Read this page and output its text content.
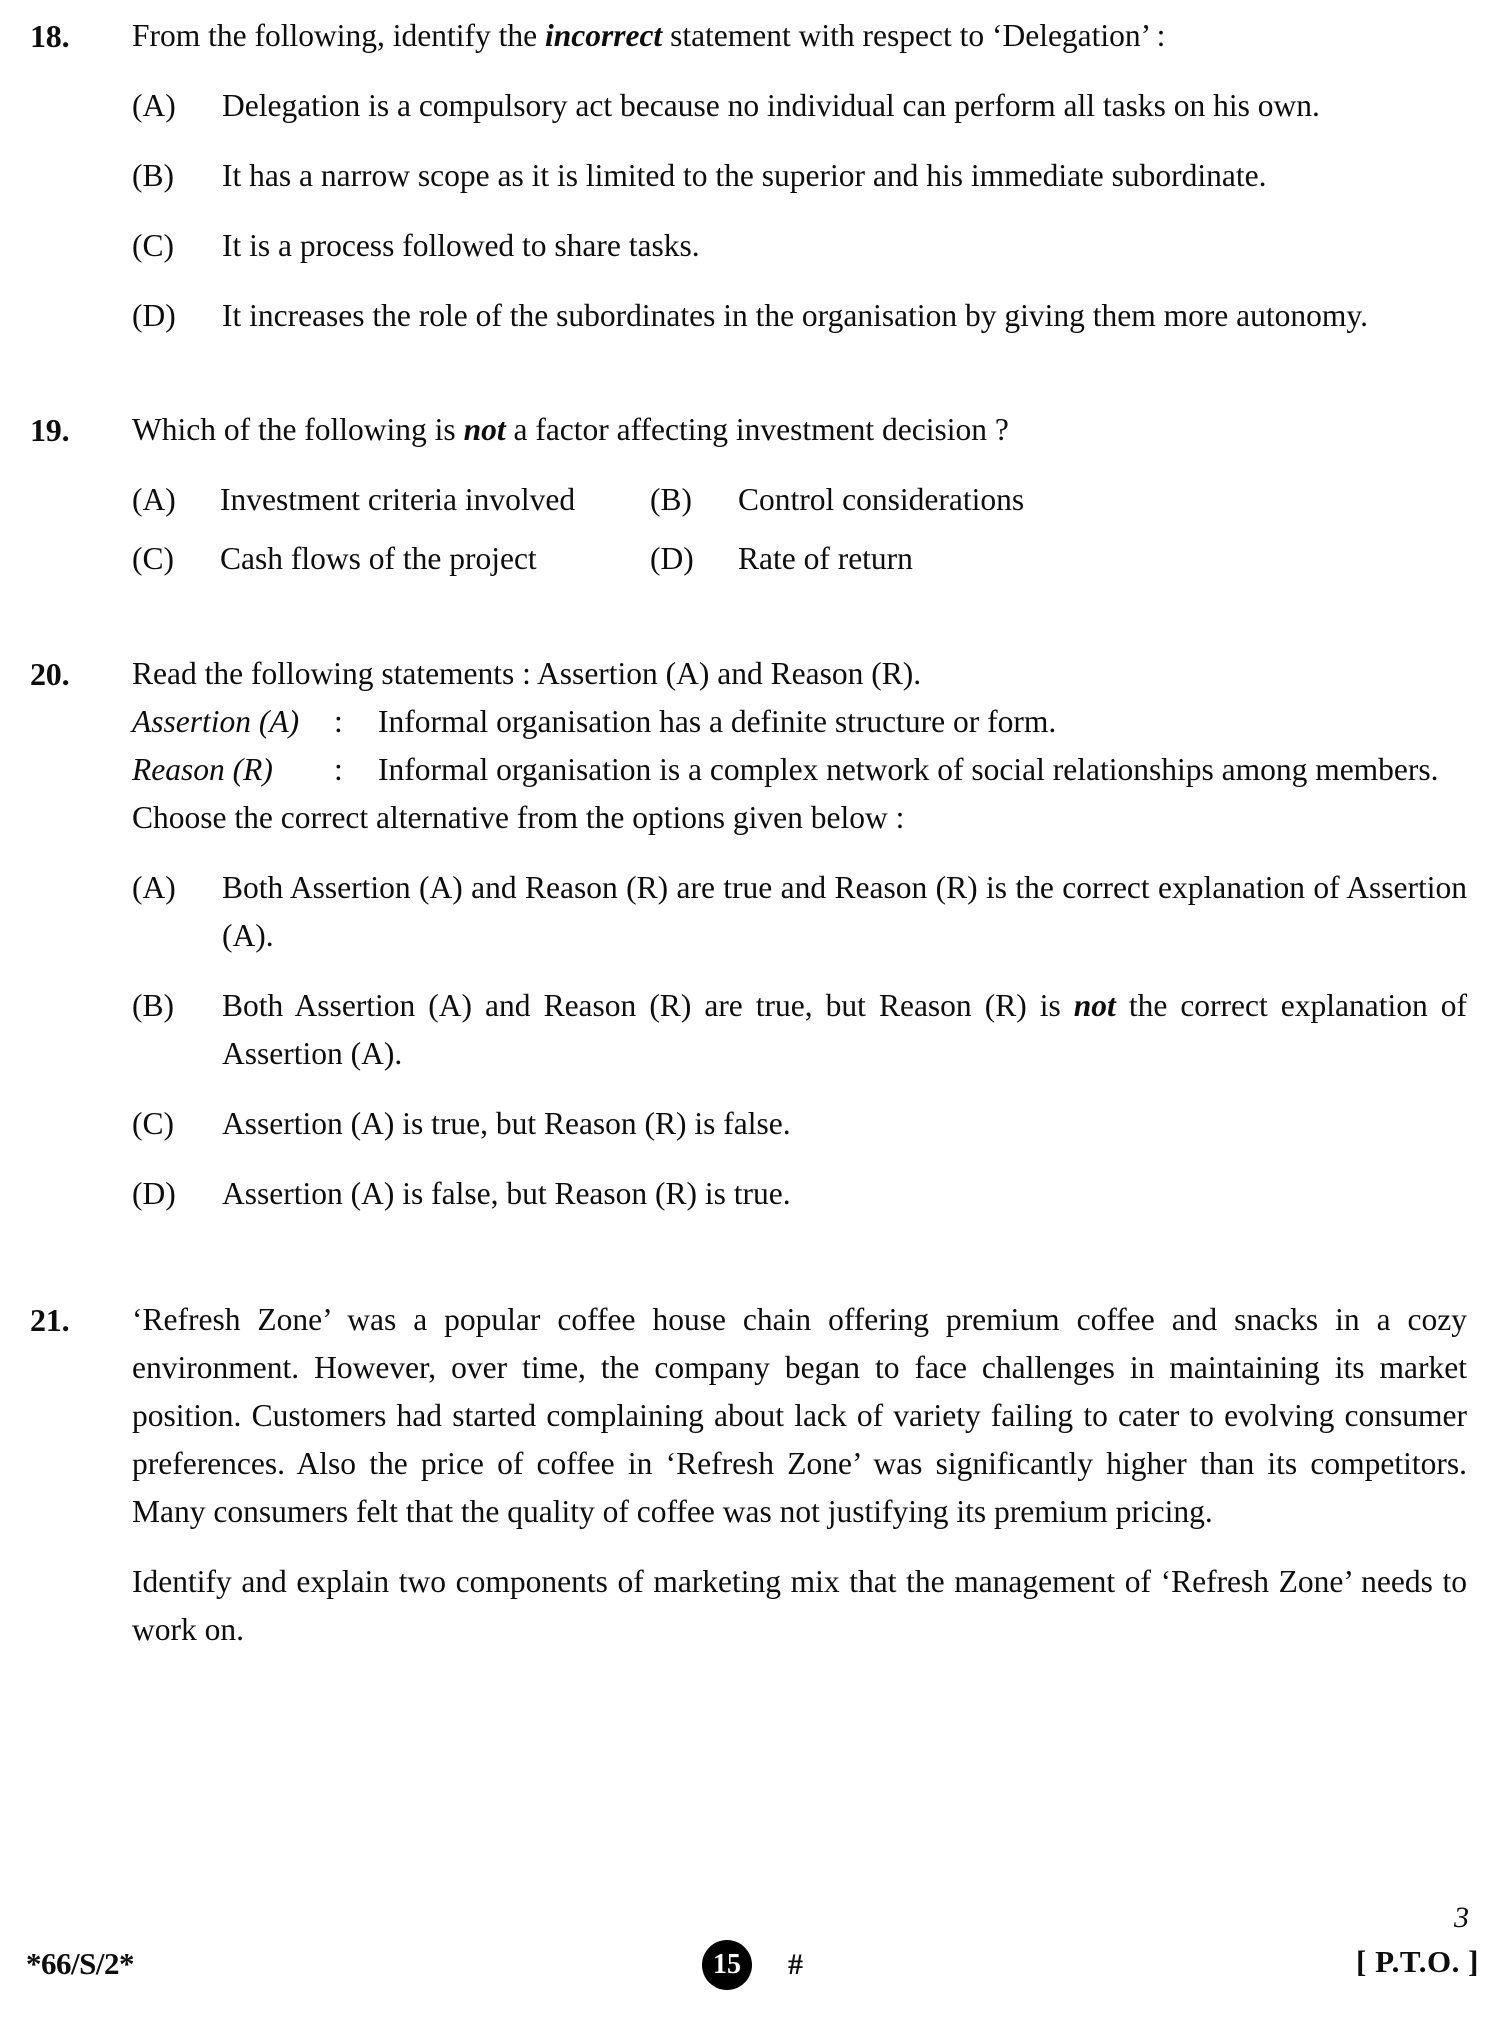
18.	From the following, identify the incorrect statement with respect to ‘Delegation’ :
(A)	Delegation is a compulsory act because no individual can perform all tasks on his own.
(B)	It has a narrow scope as it is limited to the superior and his immediate subordinate.
(C)	It is a process followed to share tasks.
(D)	It increases the role of the subordinates in the organisation by giving them more autonomy.
19.	Which of the following is not a factor affecting investment decision ?
(A) Investment criteria involved (B) Control considerations
(C) Cash flows of the project	(D) Rate of return
20.	Read the following statements : Assertion (A) and Reason (R).
Assertion (A)	: Informal organisation has a definite structure or form.
Reason (R)	: Informal organisation is a complex network of social relationships among members.
Choose the correct alternative from the options given below :
(A)	Both Assertion (A) and Reason (R) are true and Reason (R) is the correct explanation of Assertion (A).
(B)	Both Assertion (A) and Reason (R) are true, but Reason (R) is not the correct explanation of Assertion (A).
(C)	Assertion (A) is true, but Reason (R) is false.
(D)	Assertion (A) is false, but Reason (R) is true.
21.	‘Refresh Zone’ was a popular coffee house chain offering premium coffee and snacks in a cozy environment. However, over time, the company began to face challenges in maintaining its market position. Customers had started complaining about lack of variety failing to cater to evolving consumer preferences. Also the price of coffee in ‘Refresh Zone’ was significantly higher than its competitors. Many consumers felt that the quality of coffee was not justifying its premium pricing.
Identify and explain two components of marketing mix that the management of ‘Refresh Zone’ needs to work on.
3
*66/S/2*	15 #	[ P.T.O. ]
